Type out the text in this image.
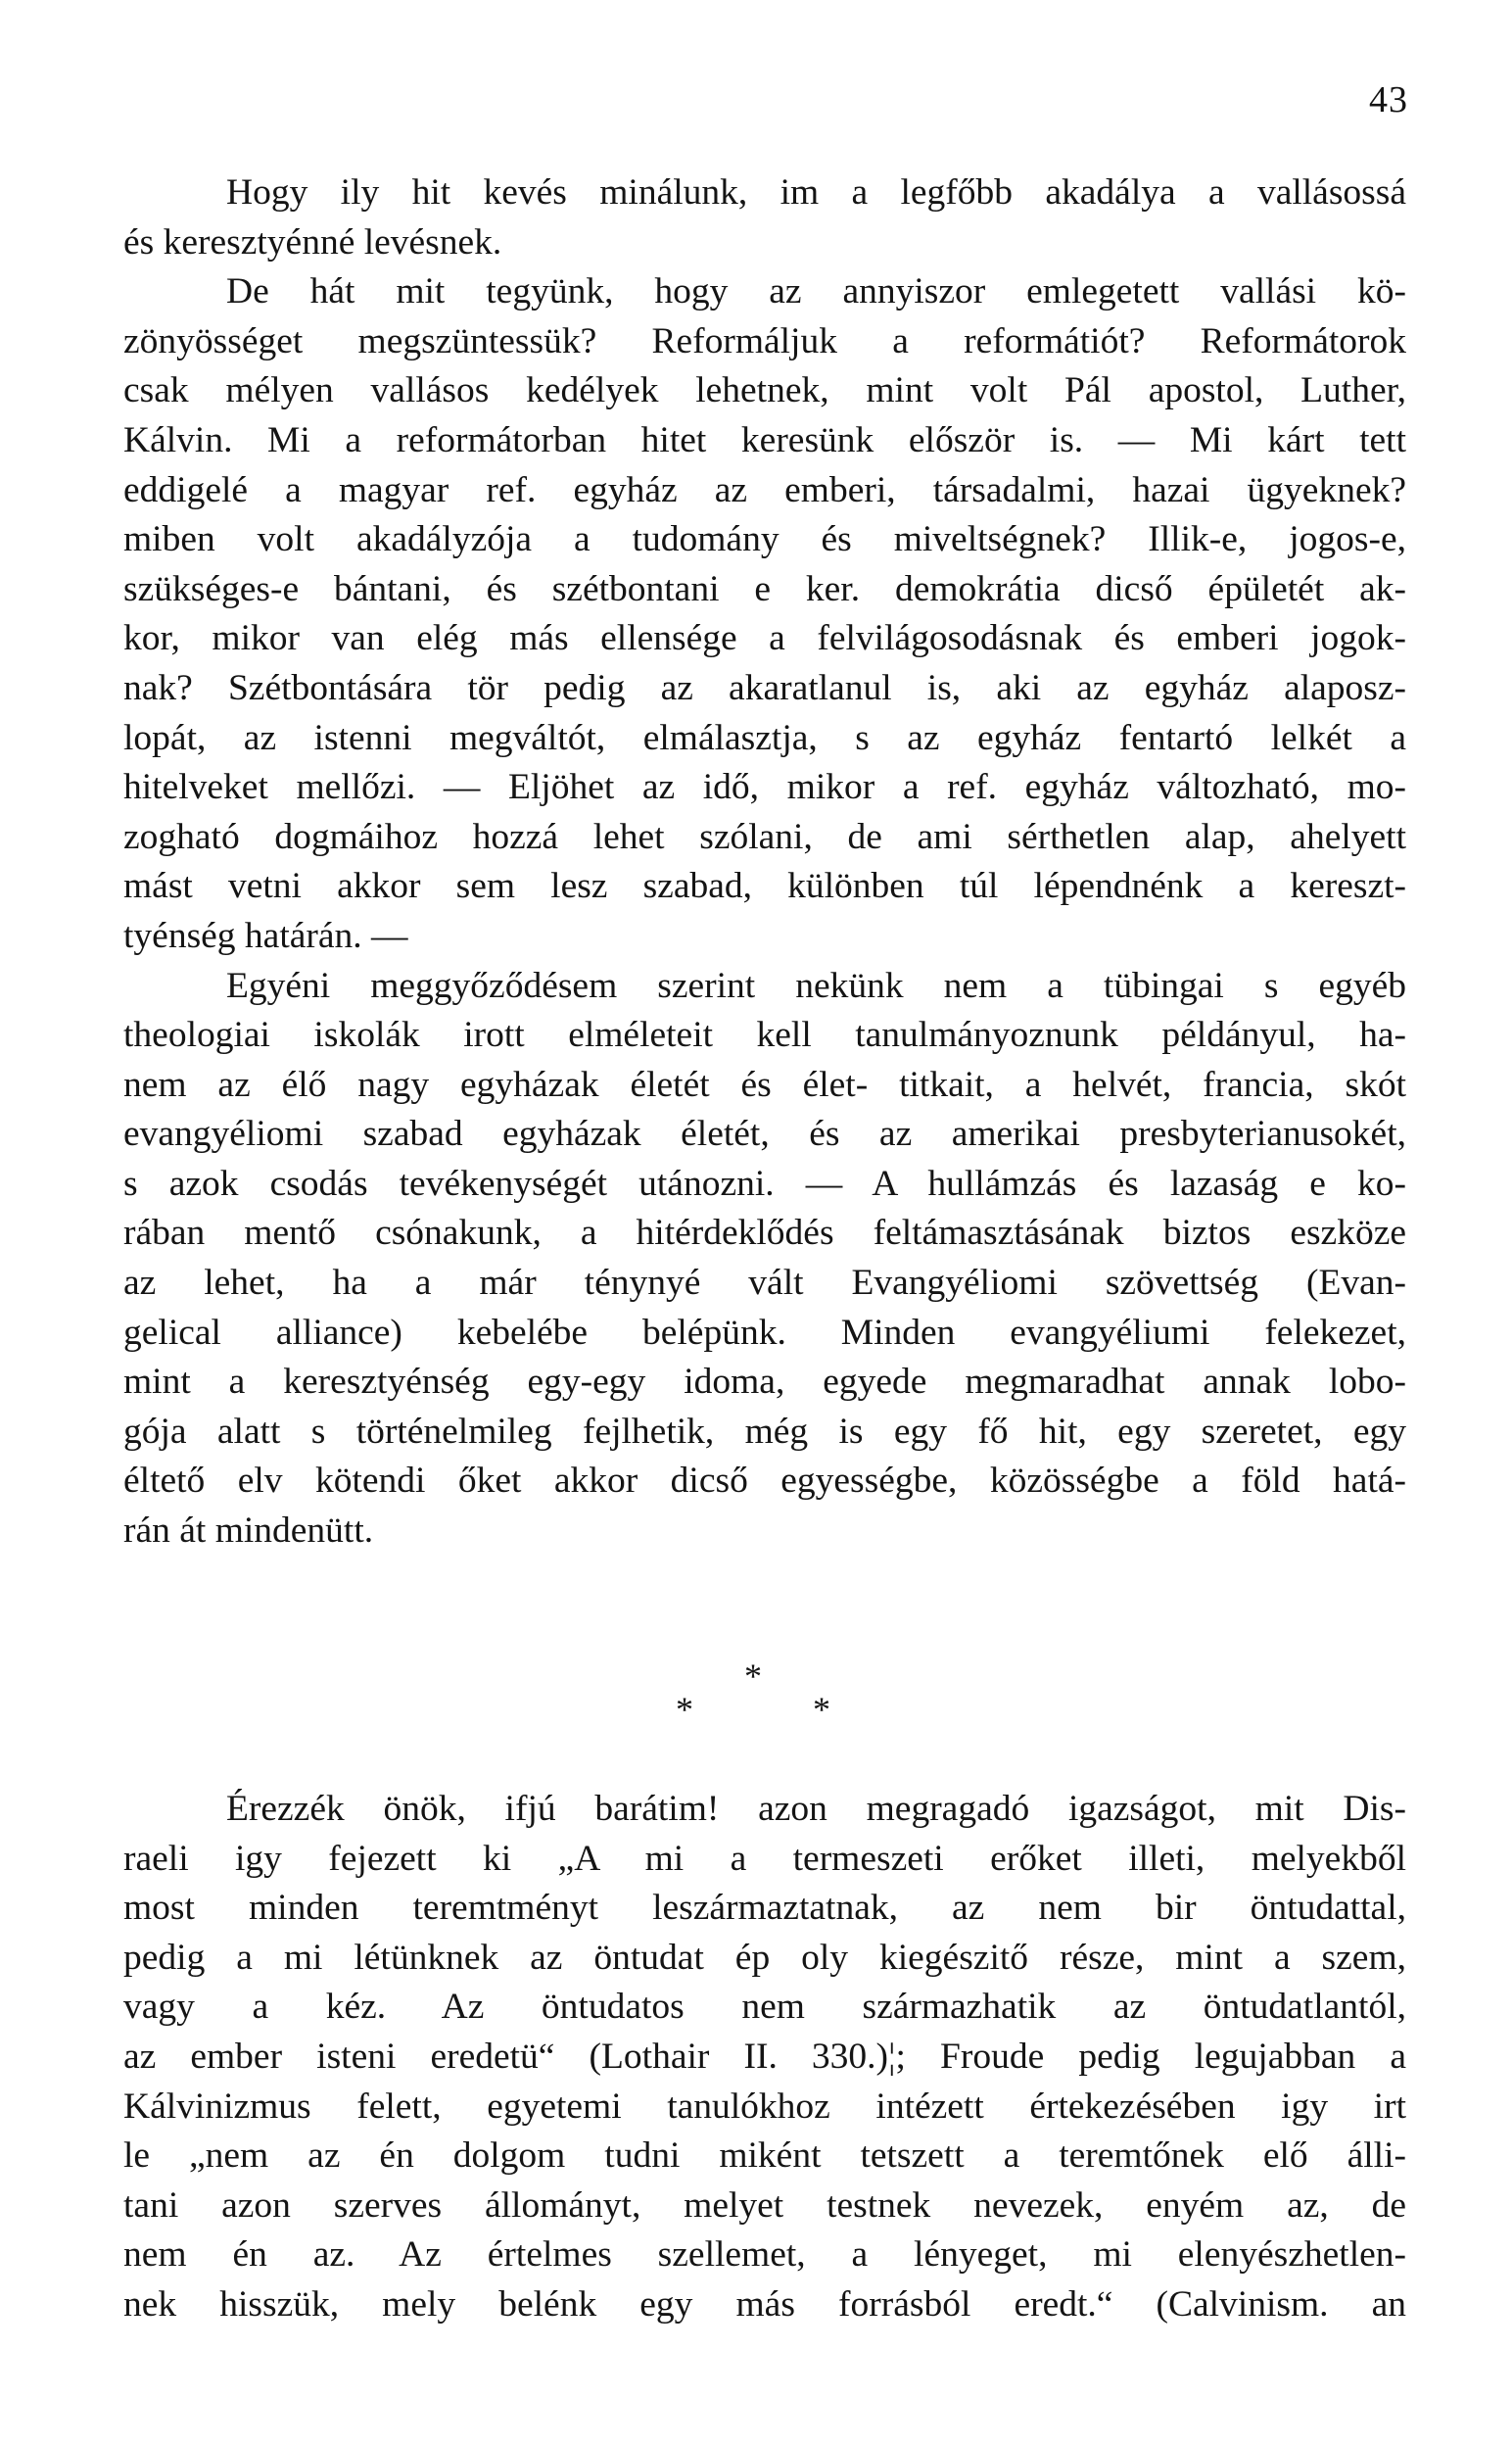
43
Hogy ily hit kevés minálunk, im a legfőbb akadálya a vallásossá
és keresztyénné levésnek.
De hát mit tegyünk, hogy az annyiszor emlegetett vallási kö-
zönyösséget megszüntessük? Reformáljuk a reformátiót? Reformátorok
csak mélyen vallásos kedélyek lehetnek, mint volt Pál apostol, Luther,
Kálvin. Mi a reformátorban hitet keresünk először is. — Mi kárt tett
eddigelé a magyar ref. egyház az emberi, társadalmi, hazai ügyeknek?
miben volt akadályzója a tudomány és miveltségnek? Illik-e, jogos-e,
szükséges-e bántani, és szétbontani e ker. demokrátia dicső épületét ak-
kor, mikor van elég más ellensége a felvilágosodásnak és emberi jogok-
nak? Szétbontására tör pedig az akaratlanul is, aki az egyház alaposz-
lopát, az istenni megváltót, elmálasztja, s az egyház fentartó lelkét a
hitelveket mellőzi. — Eljöhet az idő, mikor a ref. egyház változható, mo-
zogható dogmáihoz hozzá lehet szólani, de ami sérthetlen alap, ahelyett
mást vetni akkor sem lesz szabad, különben túl lépendnénk a kereszt-
tyénség határán. —
Egyéni meggyőződésem szerint nekünk nem a tübingai s egyéb
theologiai iskolák irott elméleteit kell tanulmányoznunk példányul, ha-
nem az élő nagy egyházak életét és élet- titkait, a helvét, francia, skót
evangyéliomi szabad egyházak életét, és az amerikai presbyterianusokét,
s azok csodás tevékenységét utánozni. — A hullámzás és lazaság e ko-
rában mentő csónakunk, a hitérdeklődés feltámasztásának biztos eszköze
az lehet, ha a már ténynyé vált Evangyéliomi szövettség (Evan-
gelical alliance) kebelébe belépünk. Minden evangyéliumi felekezet,
mint a keresztyénség egy-egy idoma, egyede megmaradhat annak lobo-
gója alatt s történelmileg fejlhetik, még is egy fő hit, egy szeretet, egy
éltető elv kötendi őket akkor dicső egyességbe, közösségbe a föld hatá-
rán át mindenütt.
*
*	*
Érezzék önök, ifjú barátim! azon megragadó igazságot, mit Dis-
raeli igy fejezett ki „A mi a termeszeti erőket illeti, melyekből
most minden teremtményt leszármaztatnak, az nem bir öntudattal,
pedig a mi létünknek az öntudat ép oly kiegészitő része, mint a szem,
vagy a kéz. Az öntudatos nem származhatik az öntudatlantól,
az ember isteni eredetü“ (Lothair II. 330.)¦; Froude pedig legujabban a
Kálvinizmus felett, egyetemi tanulókhoz intézett értekezésében igy irt
le „nem az én dolgom tudni miként tetszett a teremtőnek elő álli-
tani azon szerves állományt, melyet testnek nevezek, enyém az, de
nem én az. Az értelmes szellemet, a lényeget, mi elenyészhetlen-
nek hisszük, mely belénk egy más forrásból eredt.“ (Calvinism. an
